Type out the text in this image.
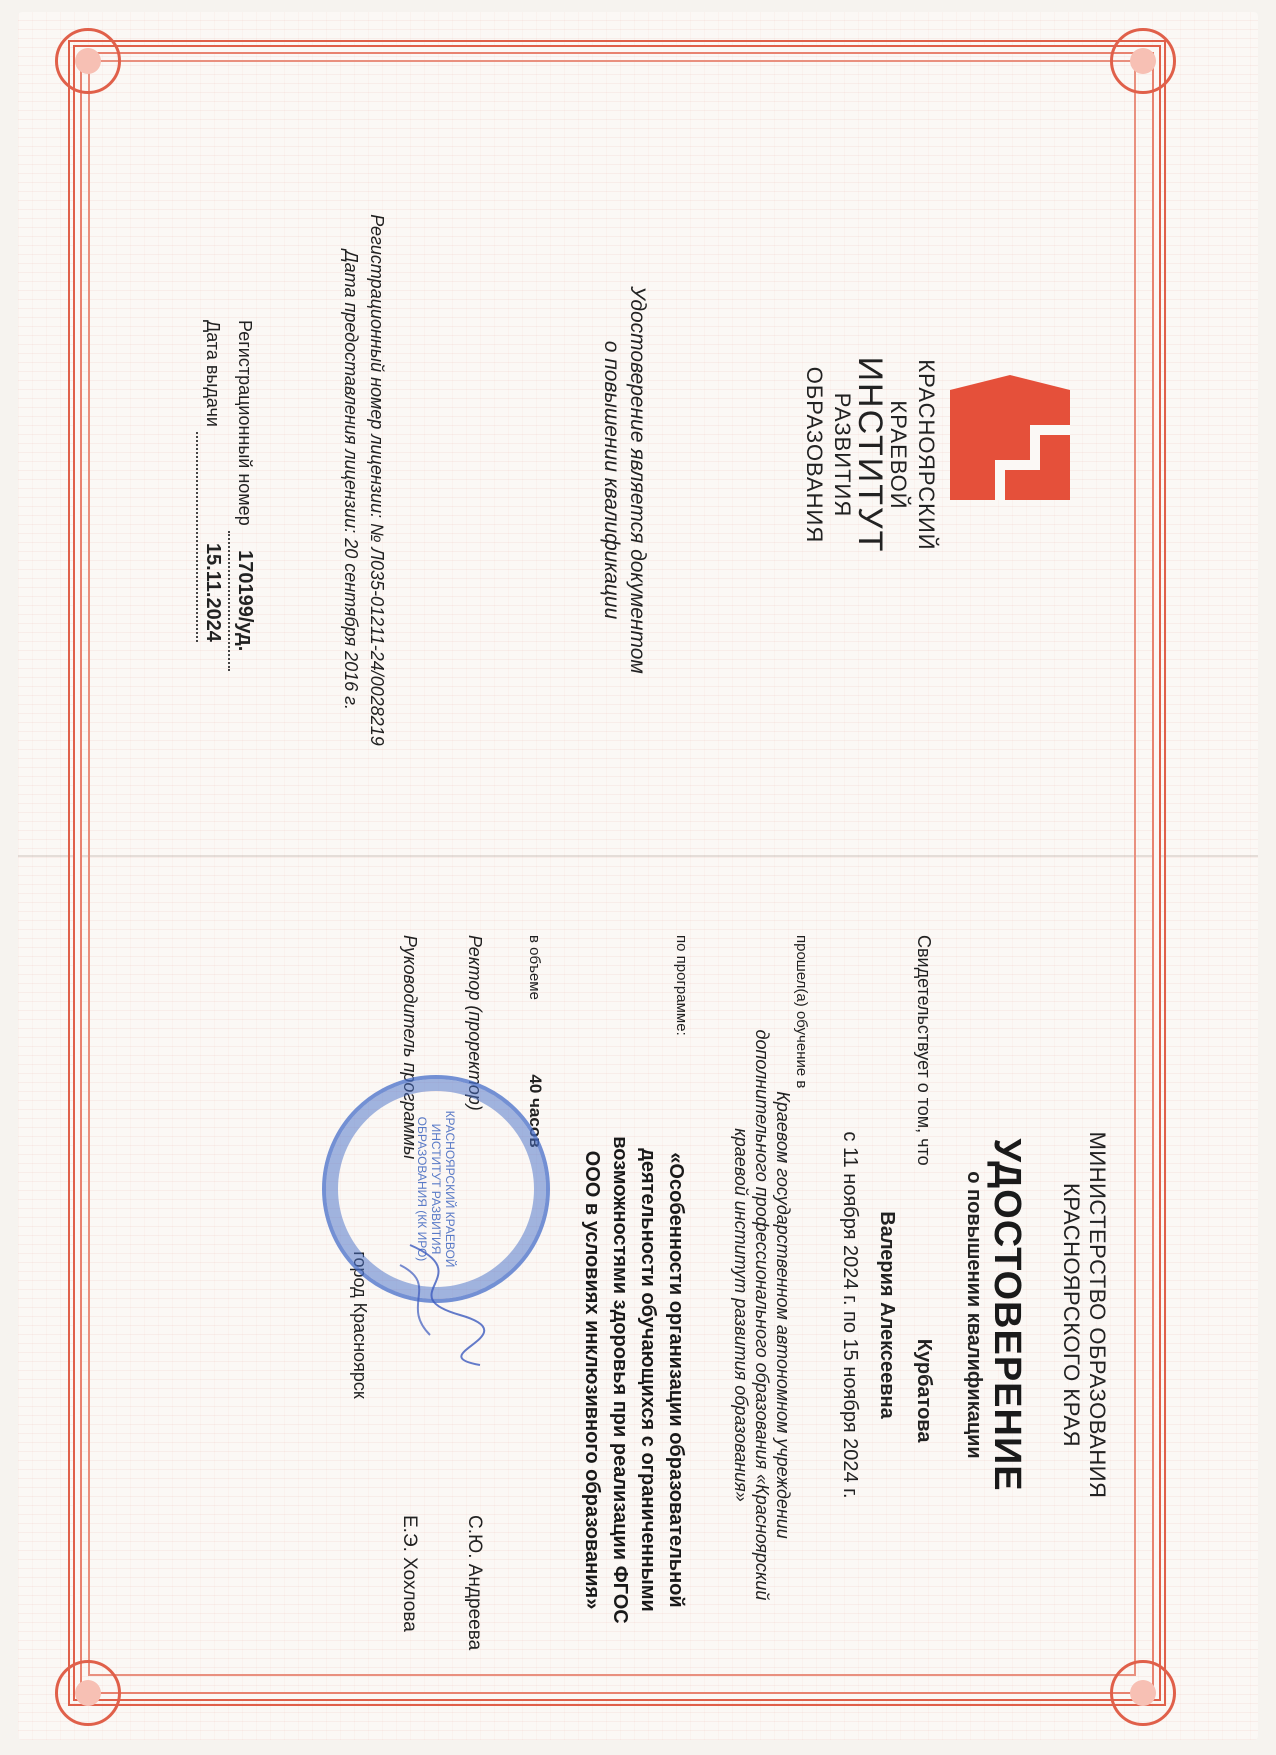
КРАСНОЯРСКИЙ
КРАЕВОЙ
ИНСТИТУТ
РАЗВИТИЯ
ОБРАЗОВАНИЯ
Удостоверение является документом
о повышении квалификации
Регистрационный номер лицензии: № Л035-01211-24/0028219
Дата предоставления лицензии: 20 сентября 2016 г.
Регистрационный номер 170199/уд.
Дата выдачи 15.11.2024
МИНИСТЕРСТВО ОБРАЗОВАНИЯ
КРАСНОЯРСКОГО КРАЯ
УДОСТОВЕРЕНИЕ
о повышении квалификации
Свидетельствует о том, что Курбатова
Валерия Алексеевна
с 11 ноября 2024 г. по 15 ноября 2024 г.
прошел(а) обучение в
Краевом государственном автономном учреждении
дополнительного профессионального образования «Красноярский
краевой институт развития образования»
по программе:
«Особенности организации образовательной
деятельности обучающихся с ограниченными
возможностями здоровья при реализации ФГОС
ООО в условиях инклюзивного образования»
в объеме 40 часов
Ректор (проректор)
С.Ю. Андреева
Руководитель программы
Е.Э. Хохлова
город Красноярск
КРАСНОЯРСКИЙ КРАЕВОЙ ИНСТИТУТ РАЗВИТИЯ ОБРАЗОВАНИЯ (КК ИРО)
